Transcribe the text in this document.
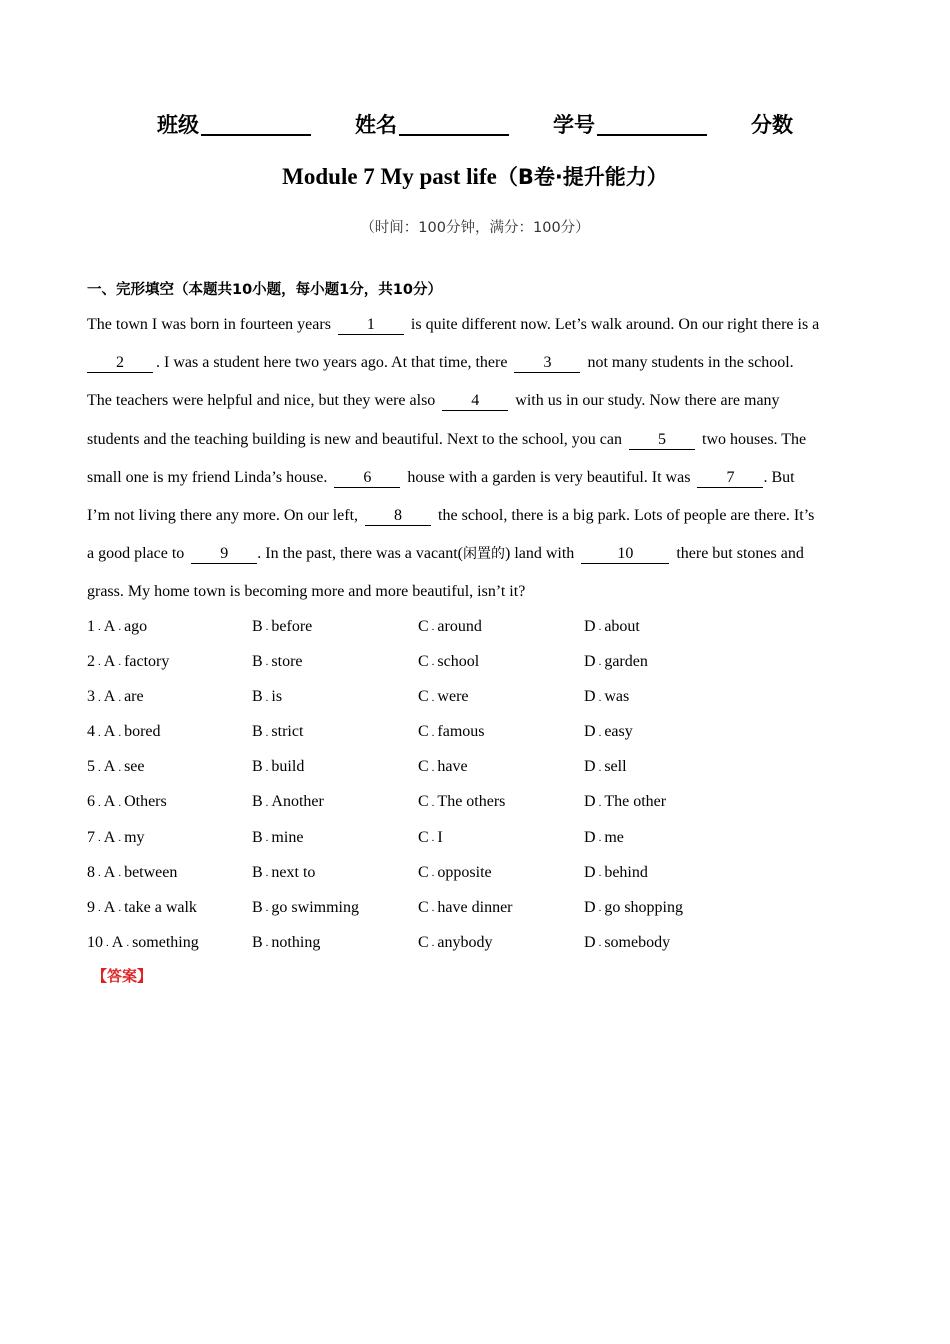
班级	姓名	学号	分数
Module 7 My past life（B卷·提升能力）
（时间：100分钟，满分：100分）
一、完形填空（本题共10小题，每小题1分，共10分）
The town I was born in fourteen years 1 is quite different now. Let’s walk around. On our right there is a
2 . I was a student here two years ago. At that time, there 3 not many students in the school.
The teachers were helpful and nice, but they were also 4 with us in our study. Now there are many
students and the teaching building is new and beautiful. Next to the school, you can 5 two houses. The
small one is my friend Linda’s house. 6 house with a garden is very beautiful. It was 7 . But
I’m not living there any more. On our left, 8 the school, there is a big park. Lots of people are there. It’s
a good place to 9 . In the past, there was a vacant(闲置的) land with	10	there but stones and
grass. My home town is becoming more and more beautiful, isn’t it?
1 . A . ago	B . before	C . around	D . about
2 . A . factory	B . store	C . school	D . garden
3 . A . are	B . is	C . were	D . was
4 . A . bored	B . strict	C . famous	D . easy
5 . A . see	B . build	C . have	D . sell
6 . A . Others	B . Another	C . The others	D . The other
7 . A . my	B . mine	C . I	D . me
8 . A . between	B . next to	C . opposite	D . behind
9 . A . take a walk	B . go swimming	C . have dinner	D . go shopping
10 . A . something	B . nothing	C . anybody	D . somebody
【答案】
